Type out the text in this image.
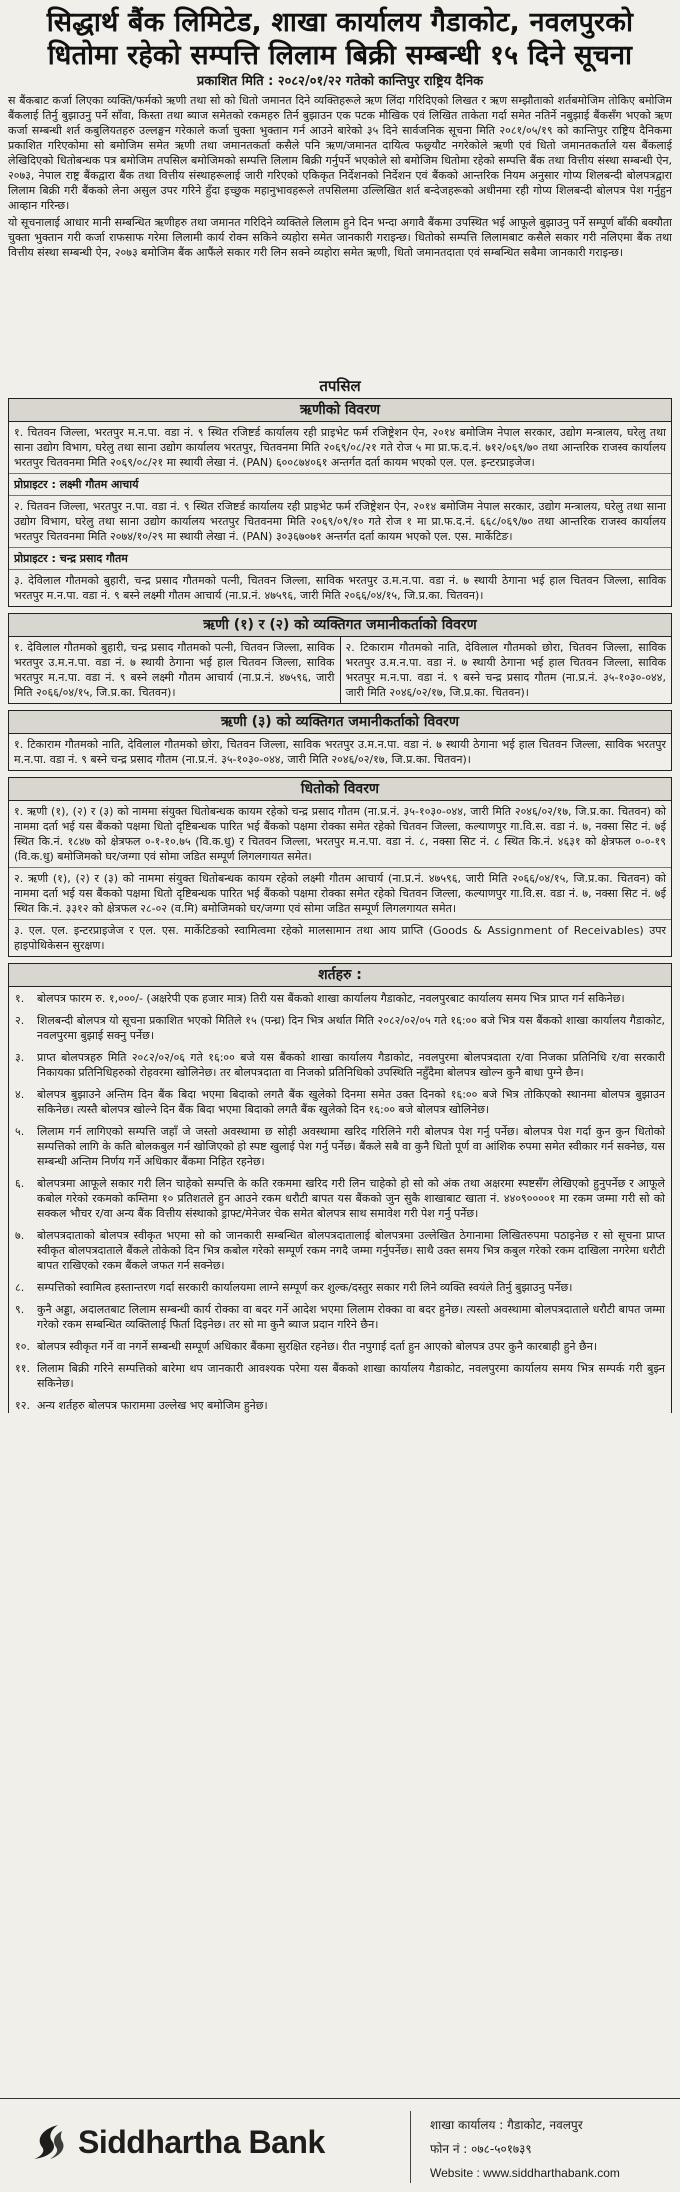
सिद्धार्थ बैंक लिमिटेड, शाखा कार्यालय गैडाकोट, नवलपुरको
धितोमा रहेको सम्पत्ति लिलाम बिक्री सम्बन्धी १५ दिने सूचना
प्रकाशित मिति : २०८२/०१/२२ गतेको कान्तिपुर राष्ट्रिय दैनिक

स बैंकबाट कर्जा लिएका व्यक्ति/फर्मको ऋणी तथा सो को धितो जमानत दिने व्यक्तिहरूले ऋण लिंदा गरिदिएको लिखत र ऋण सम्झौताको शर्तबमोजिम तोकिए बमोजिम बैंकलाई तिर्नु बुझाउनु पर्ने साँवा, किस्ता तथा ब्याज समेतको रकमहरु तिर्न बुझाउन एक पटक मौखिक एवं लिखित ताकेता गर्दा समेत नतिर्ने नबुझाई बैंकसँग भएको ऋण कर्जा सम्बन्धी शर्त कबुलियतहरु उल्लङ्घन गरेकाले कर्जा चुक्ता भुक्तान गर्न आउने बारेको ३५ दिने सार्वजनिक सूचना मिति २०८१/०५/१९ को कान्तिपुर राष्ट्रिय दैनिकमा प्रकाशित गरिएकोमा सो बमोजिम समेत ऋणी तथा जमानतकर्ता कसैले पनि ऋण/जमानत दायित्व फछ्र्यौट नगरेकोले ऋणी एवं धितो जमानतकर्ताले यस बैंकलाई लेखिदिएको धितोबन्धक पत्र बमोजिम तपसिल बमोजिमको सम्पत्ति लिलाम बिक्री गर्नुपर्ने भएकोले सो बमोजिम धितोमा रहेको सम्पत्ति बैंक तथा वित्तीय संस्था सम्बन्धी ऐन, २०७३, नेपाल राष्ट्र बैंकद्वारा बैंक तथा वित्तीय संस्थाहरूलाई जारी गरिएको एकिकृत निर्देशनको निर्देशन एवं बैंकको आन्तरिक नियम अनुसार गोप्य शिलबन्दी बोलपत्रद्वारा लिलाम बिक्री गरी बैंकको लेना असुल उपर गरिने हुँदा इच्छुक महानुभावहरूले तपसिलमा उल्लिखित शर्त बन्देजहरूको अधीनमा रही गोप्य शिलबन्दी बोलपत्र पेश गर्नुहुन आव्हान गरिन्छ।

यो सूचनालाई आधार मानी सम्बन्धित ऋणीहरु तथा जमानत गरिदिने व्यक्तिले लिलाम हुने दिन भन्दा अगावै बैंकमा उपस्थित भई आफूले बुझाउनु पर्ने सम्पूर्ण बाँकी बक्यौता चुक्ता भुक्तान गरी कर्जा राफसाफ गरेमा लिलामी कार्य रोक्न सकिने व्यहोरा समेत जानकारी गराइन्छ। धितोको सम्पत्ति लिलामबाट कसैले सकार गरी नलिएमा बैंक तथा वित्तीय संस्था सम्बन्धी ऐन, २०७३ बमोजिम बैंक आफैंले सकार गरी लिन सक्ने व्यहोरा समेत ऋणी, धितो जमानतदाता एवं सम्बन्धित सबैमा जानकारी गराइन्छ।

तपसिल
ऋणीको विवरण
१. चितवन जिल्ला, भरतपुर म.न.पा. वडा नं. ९ स्थित रजिष्टर्ड कार्यालय रही प्राइभेट फर्म रजिष्ट्रेशन ऐन, २०१४ बमोजिम नेपाल सरकार, उद्योग मन्त्रालय, घरेलु तथा साना उद्योग विभाग, घरेलु तथा साना उद्योग कार्यालय भरतपुर, चितवनमा मिति २०६९/०८/२१ गते रोज ५ मा प्रा.फ.द.नं. ७१२/०६९/७० तथा आन्तरिक राजस्व कार्यालय भरतपुर चितवनमा मिति २०६९/०८/२१ मा स्थायी लेखा नं. (PAN) ६००८७४०६१ अन्तर्गत दर्ता कायम भएको एल. एल. इन्टरप्राइजेज।
प्रोप्राइटर : लक्ष्मी गौतम आचार्य
२. चितवन जिल्ला, भरतपुर न.पा. वडा नं. ९ स्थित रजिष्टर्ड कार्यालय रही प्राइभेट फर्म रजिष्ट्रेशन ऐन, २०१४ बमोजिम नेपाल सरकार, उद्योग मन्त्रालय, घरेलु तथा साना उद्योग विभाग, घरेलु तथा साना उद्योग कार्यालय भरतपुर चितवनमा मिति २०६९/०९/१० गते रोज १ मा प्रा.फ.द.नं. ६६८/०६९/७० तथा आन्तरिक राजस्व कार्यालय भरतपुर चितवनमा मिति २०७४/१०/२९ मा स्थायी लेखा नं. (PAN) ३०३६७०७१ अन्तर्गत दर्ता कायम भएको एल. एस. मार्केटिङ।
प्रोप्राइटर : चन्द्र प्रसाद गौतम
३. देविलाल गौतमको बुहारी, चन्द्र प्रसाद गौतमको पत्नी, चितवन जिल्ला, साविक भरतपुर उ.म.न.पा. वडा नं. ७ स्थायी ठेगाना भई हाल चितवन जिल्ला, साविक भरतपुर म.न.पा. वडा नं. ९ बस्ने लक्ष्मी गौतम आचार्य (ना.प्र.नं. ४७५९६, जारी मिति २०६६/०४/१५, जि.प्र.का. चितवन)।
ऋणी (१) र (२) को व्यक्तिगत जमानीकर्ताको विवरण
१. देविलाल गौतमको बुहारी, चन्द्र प्रसाद गौतमको पत्नी, चितवन जिल्ला, साविक भरतपुर उ.म.न.पा. वडा नं. ७ स्थायी ठेगाना भई हाल चितवन जिल्ला, साविक भरतपुर म.न.पा. वडा नं. ९ बस्ने लक्ष्मी गौतम आचार्य (ना.प्र.नं. ४७५९६, जारी मिति २०६६/०४/१५, जि.प्र.का. चितवन)।
२. टिकाराम गौतमको नाति, देविलाल गौतमको छोरा, चितवन जिल्ला, साविक भरतपुर उ.म.न.पा. वडा नं. ७ स्थायी ठेगाना भई हाल चितवन जिल्ला, साविक भरतपुर म.न.पा. वडा नं. ९ बस्ने चन्द्र प्रसाद गौतम (ना.प्र.नं. ३५-१०३०-०४४, जारी मिति २०४६/०२/१७, जि.प्र.का. चितवन)।
ऋणी (३) को व्यक्तिगत जमानीकर्ताको विवरण
१. टिकाराम गौतमको नाति, देविलाल गौतमको छोरा, चितवन जिल्ला, साविक भरतपुर उ.म.न.पा. वडा नं. ७ स्थायी ठेगाना भई हाल चितवन जिल्ला, साविक भरतपुर म.न.पा. वडा नं. ९ बस्ने चन्द्र प्रसाद गौतम (ना.प्र.नं. ३५-१०३०-०४४, जारी मिति २०४६/०२/१७, जि.प्र.का. चितवन)।
धितोको विवरण
१. ऋणी (१), (२) र (३) को नाममा संयुक्त धितोबन्धक कायम रहेको चन्द्र प्रसाद गौतम (ना.प्र.नं. ३५-१०३०-०४४, जारी मिति २०४६/०२/१७, जि.प्र.का. चितवन) को नाममा दर्ता भई यस बैंकको पक्षमा धितो दृष्टिबन्धक पारित भई बैंकको पक्षमा रोक्का समेत रहेको चितवन जिल्ला, कल्याणपुर गा.वि.स. वडा नं. ७, नक्सा सिट नं. ७ई स्थित कि.नं. १८४७ को क्षेत्रफल ०-१-१०.७५ (वि.क.धु) र चितवन जिल्ला, भरतपुर म.न.पा. वडा नं. ८, नक्सा सिट नं. ८ स्थित कि.नं. ४६३१ को क्षेत्रफल ०-०-१९ (वि.क.धु) बमोजिमको घर/जग्गा एवं सोमा जडित सम्पूर्ण लिगलगायत समेत।
२. ऋणी (१), (२) र (३) को नाममा संयुक्त धितोबन्धक कायम रहेको लक्ष्मी गौतम आचार्य (ना.प्र.नं. ४७५९६, जारी मिति २०६६/०४/१५, जि.प्र.का. चितवन) को नाममा दर्ता भई यस बैंकको पक्षमा धितो दृष्टिबन्धक पारित भई बैंकको पक्षमा रोक्का समेत रहेको चितवन जिल्ला, कल्याणपुर गा.वि.स. वडा नं. ७, नक्सा सिट नं. ७ई स्थित कि.नं. ३३१२ को क्षेत्रफल २८-०२ (व.मि) बमोजिमको घर/जग्गा एवं सोमा जडित सम्पूर्ण लिगलगायत समेत।
३. एल. एल. इन्टरप्राइजेज र एल. एस. मार्केटिङको स्वामित्वमा रहेको मालसामान तथा आय प्राप्ति (Goods & Assignment of Receivables) उपर हाइपोथिकेसन सुरक्षण।
शर्तहरु :
१.	बोलपत्र फारम रु. १,०००/- (अक्षरेपी एक हजार मात्र) तिरी यस बैंकको शाखा कार्यालय गैडाकोट, नवलपुरबाट कार्यालय समय भित्र प्राप्त गर्न सकिनेछ।
२.	शिलबन्दी बोलपत्र यो सूचना प्रकाशित भएको मितिले १५ (पन्ध्र) दिन भित्र अर्थात मिति २०८२/०२/०५ गते १६:०० बजे भित्र यस बैंकको शाखा कार्यालय गैडाकोट, नवलपुरमा बुझाई सक्नु पर्नेछ।
३.	प्राप्त बोलपत्रहरु मिति २०८२/०२/०६ गते १६:०० बजे यस बैंकको शाखा कार्यालय गैडाकोट, नवलपुरमा बोलपत्रदाता र/वा निजका प्रतिनिधि र/वा सरकारी निकायका प्रतिनिधिहरुको रोहवरमा खोलिनेछ। तर बोलपत्रदाता वा निजको प्रतिनिधिको उपस्थिति नहुँदैमा बोलपत्र खोल्न कुनै बाधा पुग्ने छैन।
४.	बोलपत्र बुझाउने अन्तिम दिन बैंक बिदा भएमा बिदाको लगतै बैंक खुलेको दिनमा समेत उक्त दिनको १६:०० बजे भित्र तोकिएको स्थानमा बोलपत्र बुझाउन सकिनेछ। त्यस्तै बोलपत्र खोल्ने दिन बैंक बिदा भएमा बिदाको लगतै बैंक खुलेको दिन १६:०० बजे बोलपत्र खोलिनेछ।
५.	लिलाम गर्न लागिएको सम्पत्ति जहाँ जे जस्तो अवस्थामा छ सोही अवस्थामा खरिद गरिलिने गरी बोलपत्र पेश गर्नु पर्नेछ। बोलपत्र पेश गर्दा कुन कुन धितोको सम्पत्तिको लागि के कति बोलकबुल गर्न खोजिएको हो स्पष्ट खुलाई पेश गर्नु पर्नेछ। बैंकले सबै वा कुनै धितो पूर्ण वा आंशिक रुपमा समेत स्वीकार गर्न सक्नेछ, यस सम्बन्धी अन्तिम निर्णय गर्ने अधिकार बैंकमा निहित रहनेछ।
६.	बोलपत्रमा आफूले सकार गरी लिन चाहेको सम्पत्ति के कति रकममा खरिद गरी लिन चाहेको हो सो को अंक तथा अक्षरमा स्पष्टसँग लेखिएको हुनुपर्नेछ र आफूले कबोल गरेको रकमको कम्तिमा १० प्रतिशतले हुन आउने रकम धरौटी बापत यस बैंकको जुन सुकै शाखाबाट खाता नं. ४४०९००००१ मा रकम जम्मा गरी सो को सक्कल भौचर र/वा अन्य बैंक वित्तीय संस्थाको ड्राफ्ट/मेनेजर चेक समेत बोलपत्र साथ समावेश गरी पेश गर्नु पर्नेछ।
७.	बोलपत्रदाताको बोलपत्र स्वीकृत भएमा सो को जानकारी सम्बन्धित बोलपत्रदातालाई बोलपत्रमा उल्लेखित ठेगानामा लिखितरुपमा पठाइनेछ र सो सूचना प्राप्त स्वीकृत बोलपत्रदाताले बैंकले तोकेको दिन भित्र कबोल गरेको सम्पूर्ण रकम नगदै जम्मा गर्नुपर्नेछ। साथै उक्त समय भित्र कबुल गरेको रकम दाखिला नगरेमा धरौटी बापत राखिएको रकम बैंकले जफत गर्न सक्नेछ।
८.	सम्पत्तिको स्वामित्व हस्तान्तरण गर्दा सरकारी कार्यालयमा लाग्ने सम्पूर्ण कर शुल्क/दस्तुर सकार गरी लिने व्यक्ति स्वयंले तिर्नु बुझाउनु पर्नेछ।
९.	कुनै अड्डा, अदालतबाट लिलाम सम्बन्धी कार्य रोक्का वा बदर गर्ने आदेश भएमा लिलाम रोक्का वा बदर हुनेछ। त्यस्तो अवस्थामा बोलपत्रदाताले धरौटी बापत जम्मा गरेको रकम सम्बन्धित व्यक्तिलाई फिर्ता दिइनेछ। तर सो मा कुनै ब्याज प्रदान गरिने छैन।
१०. बोलपत्र स्वीकृत गर्ने वा नगर्ने सम्बन्धी सम्पूर्ण अधिकार बैंकमा सुरक्षित रहनेछ। रीत नपुगाई दर्ता हुन आएको बोलपत्र उपर कुनै कारबाही हुने छैन।
११. लिलाम बिक्री गरिने सम्पत्तिको बारेमा थप जानकारी आवश्यक परेमा यस बैंकको शाखा कार्यालय गैडाकोट, नवलपुरमा कार्यालय समय भित्र सम्पर्क गरी बुझ्न सकिनेछ।
१२. अन्य शर्तहरु बोलपत्र फाराममा उल्लेख भए बमोजिम हुनेछ।
Siddhartha Bank	शाखा कार्यालय : गैडाकोट, नवलपुर
फोन नं : ०७८-५०१७३९
Website : www.siddharthabank.com
